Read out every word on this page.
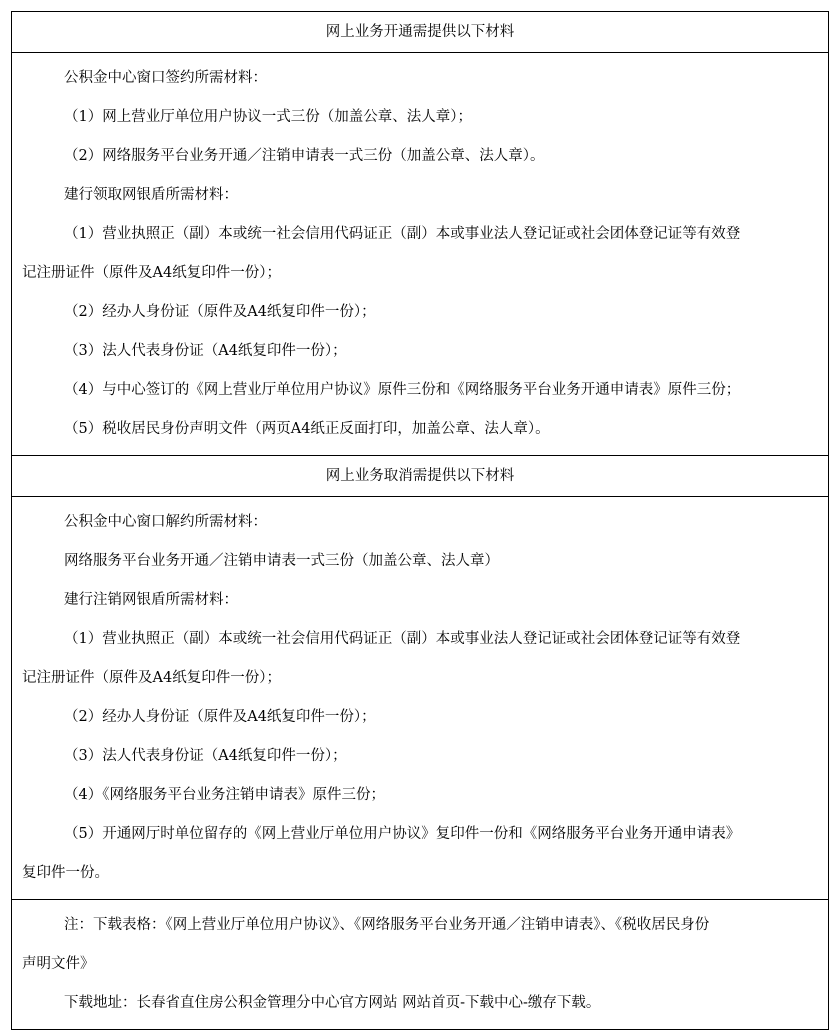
网上业务开通需提供以下材料
公积金中心窗口签约所需材料：
（1）网上营业厅单位用户协议一式三份（加盖公章、法人章）；
（2）网络服务平台业务开通／注销申请表一式三份（加盖公章、法人章）。
建行领取网银盾所需材料：
（1）营业执照正（副）本或统一社会信用代码证正（副）本或事业法人登记证或社会团体登记证等有效登
记注册证件（原件及A4纸复印件一份）；
（2）经办人身份证（原件及A4纸复印件一份）；
（3）法人代表身份证（A4纸复印件一份）；
（4）与中心签订的《网上营业厅单位用户协议》原件三份和《网络服务平台业务开通申请表》原件三份；
（5）税收居民身份声明文件（两页A4纸正反面打印，加盖公章、法人章）。
网上业务取消需提供以下材料
公积金中心窗口解约所需材料：
网络服务平台业务开通／注销申请表一式三份（加盖公章、法人章）
建行注销网银盾所需材料：
（1）营业执照正（副）本或统一社会信用代码证正（副）本或事业法人登记证或社会团体登记证等有效登
记注册证件（原件及A4纸复印件一份）；
（2）经办人身份证（原件及A4纸复印件一份）；
（3）法人代表身份证（A4纸复印件一份）；
（4）《网络服务平台业务注销申请表》原件三份；
（5）开通网厅时单位留存的《网上营业厅单位用户协议》复印件一份和《网络服务平台业务开通申请表》
复印件一份。
注：下载表格：《网上营业厅单位用户协议》、《网络服务平台业务开通／注销申请表》、《税收居民身份
声明文件》
下载地址：长春省直住房公积金管理分中心官方网站 网站首页-下载中心-缴存下载。
